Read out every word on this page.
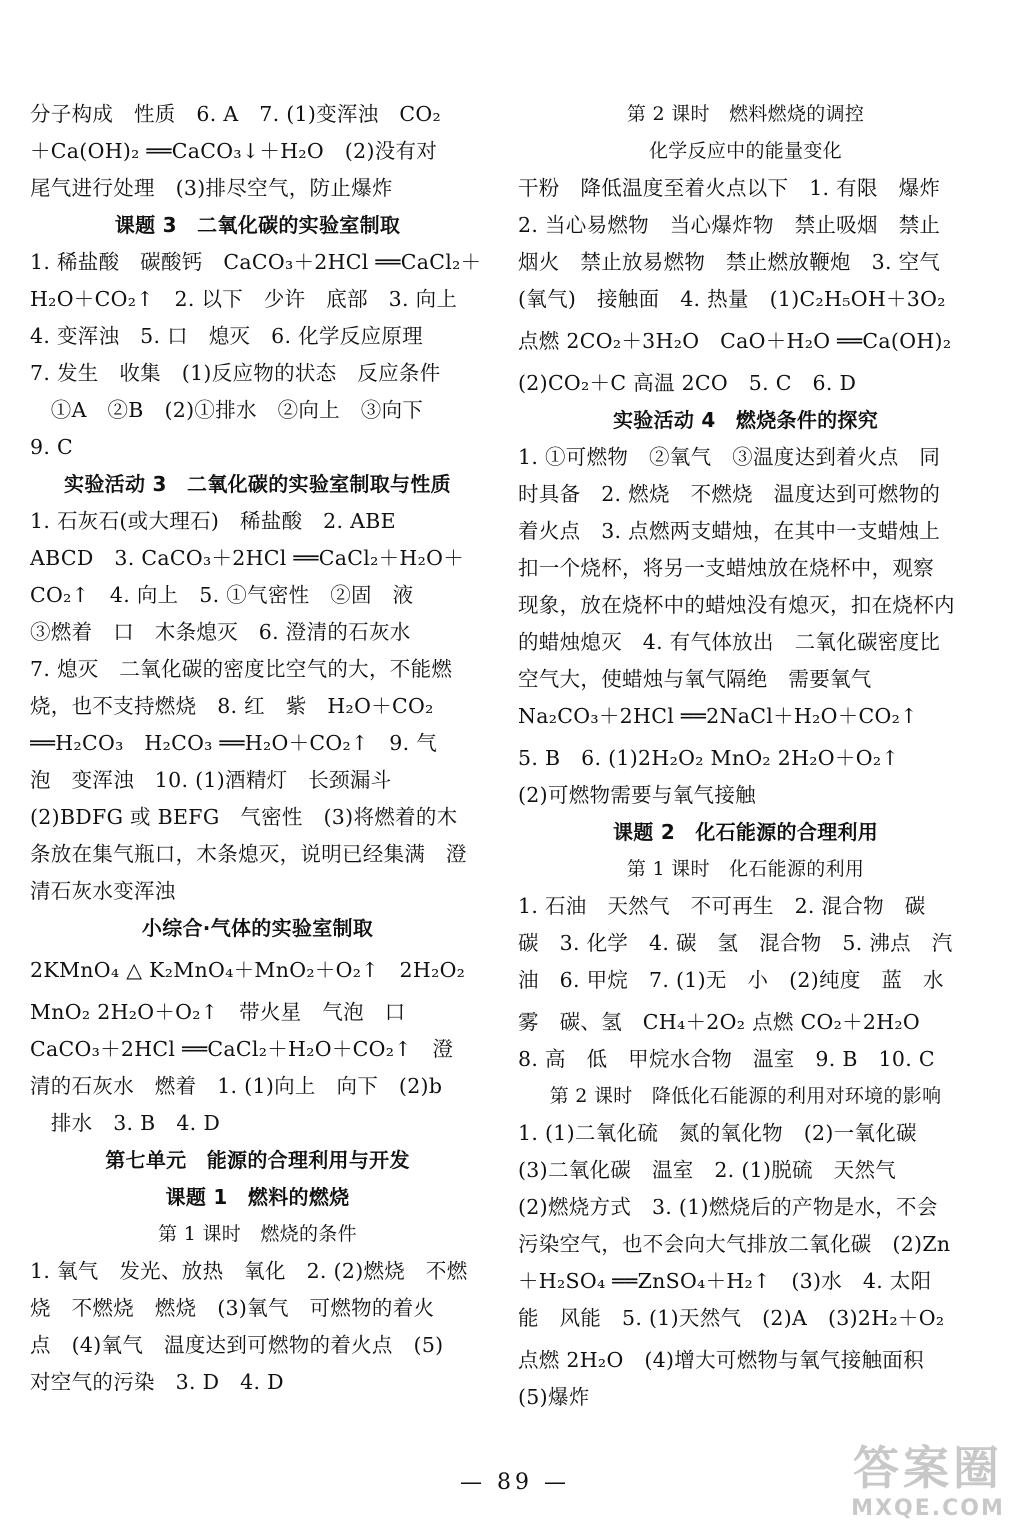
分子构成　性质　6. A　7. (1)变浑浊　CO₂
＋Ca(OH)₂ ══CaCO₃↓＋H₂O　(2)没有对
尾气进行处理　(3)排尽空气，防止爆炸
课题 3　二氧化碳的实验室制取
1. 稀盐酸　碳酸钙　CaCO₃＋2HCl ══CaCl₂＋
H₂O＋CO₂↑　2. 以下　少许　底部　3. 向上
4. 变浑浊　5. 口　熄灭　6. 化学反应原理
7. 发生　收集　(1)反应物的状态　反应条件
　①A　②B　(2)①排水　②向上　③向下
9. C
实验活动 3　二氧化碳的实验室制取与性质
1. 石灰石(或大理石)　稀盐酸　2. ABE
ABCD　3. CaCO₃＋2HCl ══CaCl₂＋H₂O＋
CO₂↑　4. 向上　5. ①气密性　②固　液
③燃着　口　木条熄灭　6. 澄清的石灰水
7. 熄灭　二氧化碳的密度比空气的大，不能燃
烧，也不支持燃烧　8. 红　紫　H₂O＋CO₂
══H₂CO₃　H₂CO₃ ══H₂O＋CO₂↑　9. 气
泡　变浑浊　10. (1)酒精灯　长颈漏斗
(2)BDFG 或 BEFG　气密性　(3)将燃着的木
条放在集气瓶口，木条熄灭，说明已经集满　澄
清石灰水变浑浊
小综合·气体的实验室制取
2KMnO₄ △ K₂MnO₄＋MnO₂＋O₂↑　2H₂O₂
MnO₂ 2H₂O＋O₂↑　带火星　气泡　口
CaCO₃＋2HCl ══CaCl₂＋H₂O＋CO₂↑　澄
清的石灰水　燃着　1. (1)向上　向下　(2)b
　排水　3. B　4. D
第七单元　能源的合理利用与开发
课题 1　燃料的燃烧
第 1 课时　燃烧的条件
1. 氧气　发光、放热　氧化　2. (2)燃烧　不燃
烧　不燃烧　燃烧　(3)氧气　可燃物的着火
点　(4)氧气　温度达到可燃物的着火点　(5)
对空气的污染　3. D　4. D
第 2 课时　燃料燃烧的调控
化学反应中的能量变化
干粉　降低温度至着火点以下　1. 有限　爆炸
2. 当心易燃物　当心爆炸物　禁止吸烟　禁止
烟火　禁止放易燃物　禁止燃放鞭炮　3. 空气
(氧气)　接触面　4. 热量　(1)C₂H₅OH＋3O₂
点燃 2CO₂＋3H₂O　CaO＋H₂O ══Ca(OH)₂
(2)CO₂＋C 高温 2CO　5. C　6. D
实验活动 4　燃烧条件的探究
1. ①可燃物　②氧气　③温度达到着火点　同
时具备　2. 燃烧　不燃烧　温度达到可燃物的
着火点　3. 点燃两支蜡烛，在其中一支蜡烛上
扣一个烧杯，将另一支蜡烛放在烧杯中，观察
现象，放在烧杯中的蜡烛没有熄灭，扣在烧杯内
的蜡烛熄灭　4. 有气体放出　二氧化碳密度比
空气大，使蜡烛与氧气隔绝　需要氧气
Na₂CO₃＋2HCl ══2NaCl＋H₂O＋CO₂↑
5. B　6. (1)2H₂O₂ MnO₂ 2H₂O＋O₂↑
(2)可燃物需要与氧气接触
课题 2　化石能源的合理利用
第 1 课时　化石能源的利用
1. 石油　天然气　不可再生　2. 混合物　碳
碳　3. 化学　4. 碳　氢　混合物　5. 沸点　汽
油　6. 甲烷　7. (1)无　小　(2)纯度　蓝　水
雾　碳、氢　CH₄＋2O₂ 点燃 CO₂＋2H₂O
8. 高　低　甲烷水合物　温室　9. B　10. C
第 2 课时　降低化石能源的利用对环境的影响
1. (1)二氧化硫　氮的氧化物　(2)一氧化碳
(3)二氧化碳　温室　2. (1)脱硫　天然气
(2)燃烧方式　3. (1)燃烧后的产物是水，不会
污染空气，也不会向大气排放二氧化碳　(2)Zn
＋H₂SO₄ ══ZnSO₄＋H₂↑　(3)水　4. 太阳
能　风能　5. (1)天然气　(2)A　(3)2H₂＋O₂
点燃 2H₂O　(4)增大可燃物与氧气接触面积
(5)爆炸
— 89 —	答案圈
MXQE.COM
